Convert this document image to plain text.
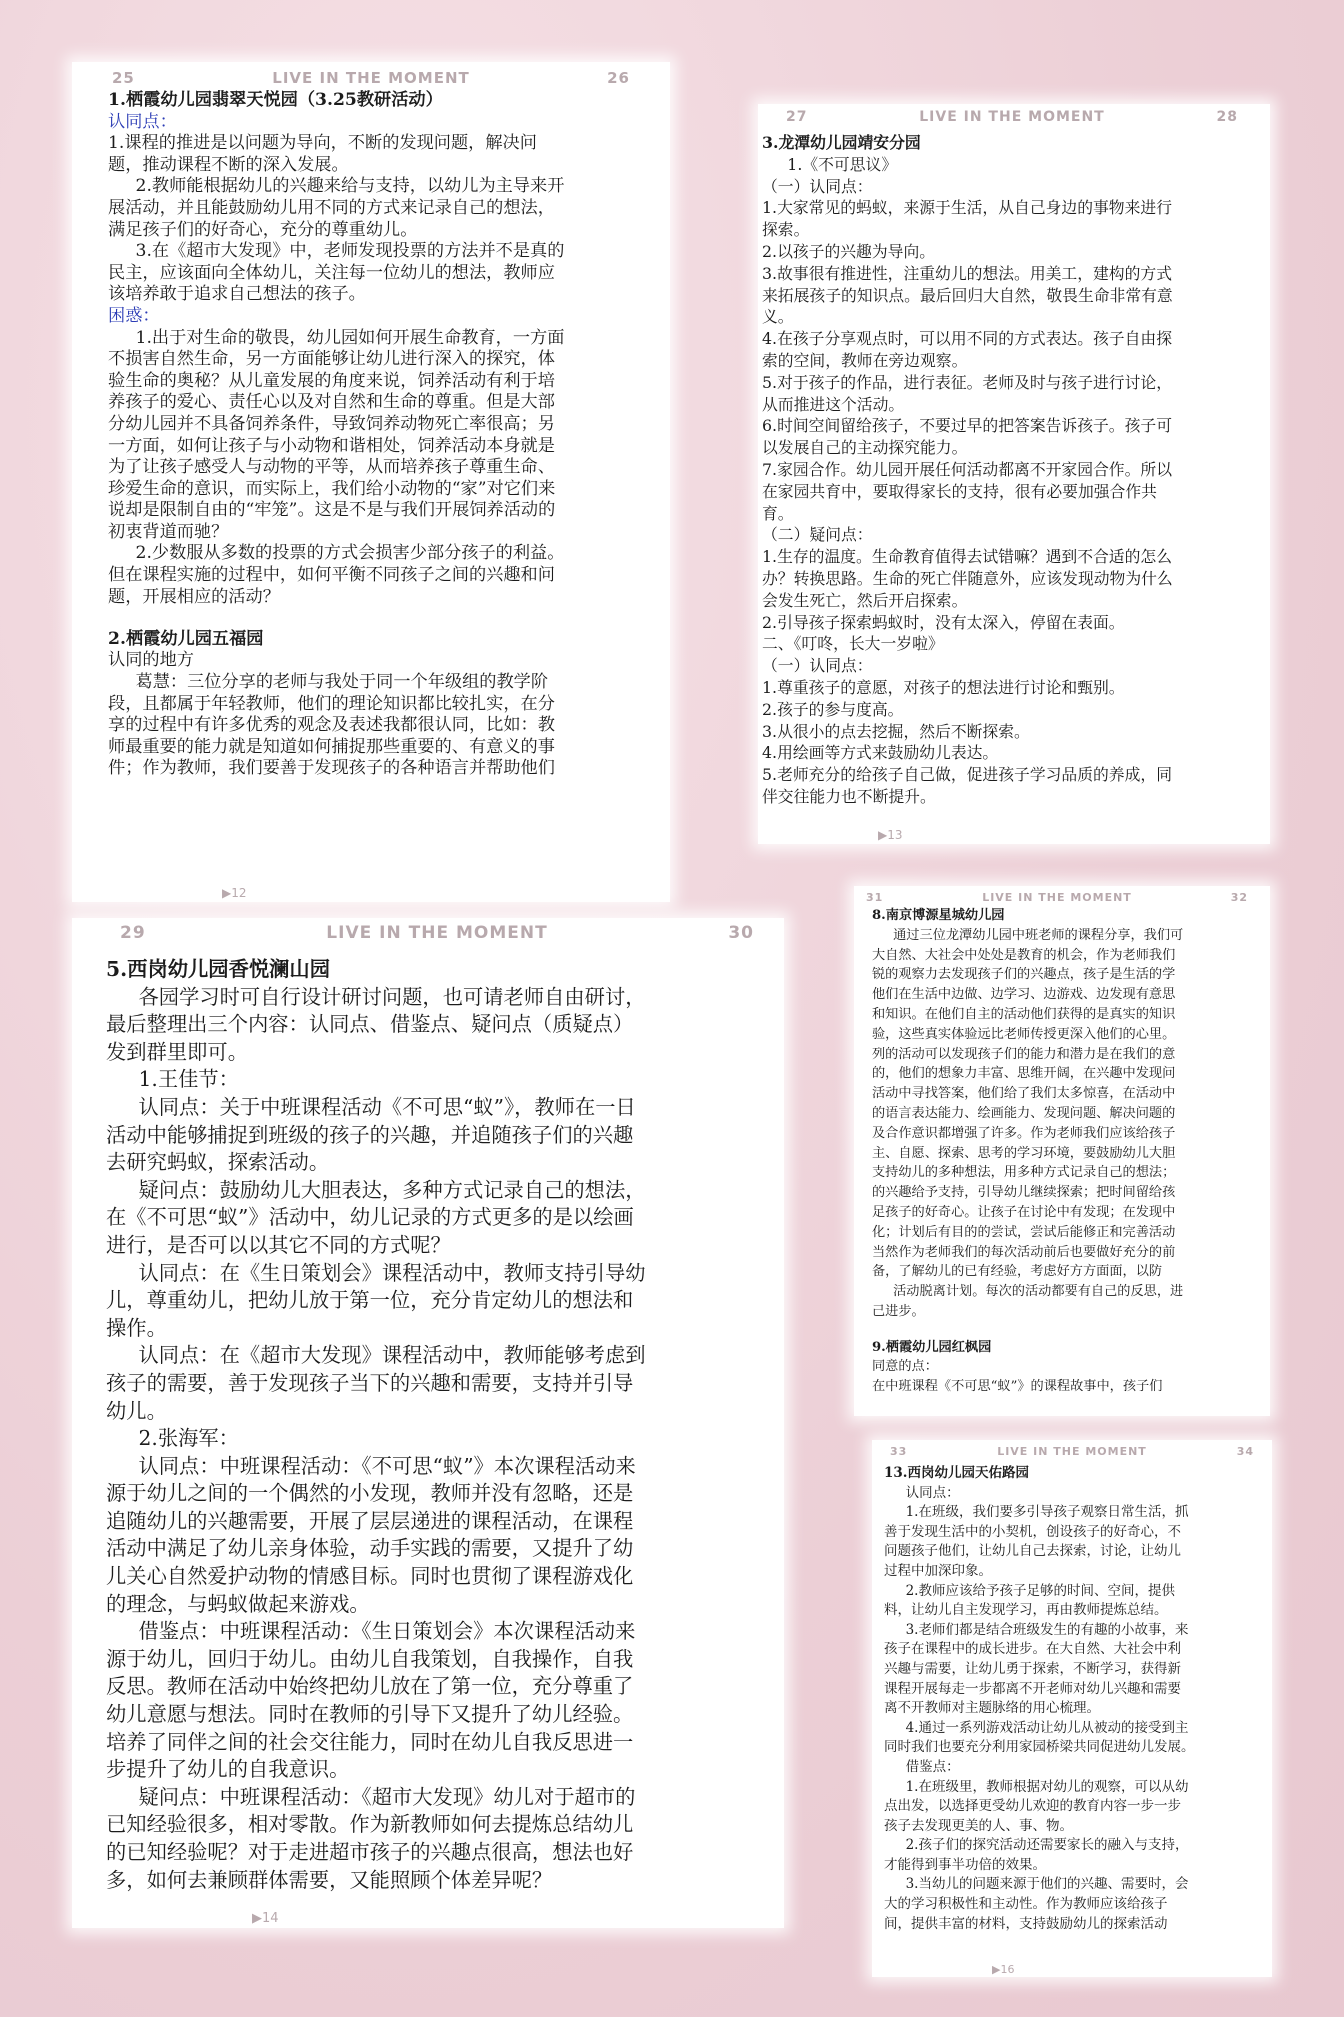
25	LIVE IN THE MOMENT	26

1.栖霞幼儿园翡翠天悦园（3.25教研活动）

认同点：

1.课程的推进是以问题为导向，不断的发现问题，解决问

题，推动课程不断的深入发展。

2.教师能根据幼儿的兴趣来给与支持，以幼儿为主导来开

展活动，并且能鼓励幼儿用不同的方式来记录自己的想法，

满足孩子们的好奇心，充分的尊重幼儿。

3.在《超市大发现》中，老师发现投票的方法并不是真的

民主，应该面向全体幼儿，关注每一位幼儿的想法，教师应

该培养敢于追求自己想法的孩子。

困惑：

1.出于对生命的敬畏，幼儿园如何开展生命教育，一方面

不损害自然生命，另一方面能够让幼儿进行深入的探究，体

验生命的奥秘？从儿童发展的角度来说，饲养活动有利于培

养孩子的爱心、责任心以及对自然和生命的尊重。但是大部

分幼儿园并不具备饲养条件，导致饲养动物死亡率很高；另

一方面，如何让孩子与小动物和谐相处，饲养活动本身就是

为了让孩子感受人与动物的平等，从而培养孩子尊重生命、

珍爱生命的意识，而实际上，我们给小动物的“家”对它们来

说却是限制自由的“牢笼”。这是不是与我们开展饲养活动的

初衷背道而驰？

2.少数服从多数的投票的方式会损害少部分孩子的利益。

但在课程实施的过程中，如何平衡不同孩子之间的兴趣和问

题，开展相应的活动？

2.栖霞幼儿园五福园

认同的地方

葛慧：三位分享的老师与我处于同一个年级组的教学阶

段，且都属于年轻教师，他们的理论知识都比较扎实，在分

享的过程中有许多优秀的观念及表述我都很认同，比如：教

师最重要的能力就是知道如何捕捉那些重要的、有意义的事

件；作为教师，我们要善于发现孩子的各种语言并帮助他们

▶12
27	LIVE IN THE MOMENT	28

3.龙潭幼儿园靖安分园

1.《不可思议》

（一）认同点：

1.大家常见的蚂蚁，来源于生活，从自己身边的事物来进行

探索。

2.以孩子的兴趣为导向。

3.故事很有推进性，注重幼儿的想法。用美工，建构的方式

来拓展孩子的知识点。最后回归大自然，敬畏生命非常有意

义。

4.在孩子分享观点时，可以用不同的方式表达。孩子自由探

索的空间，教师在旁边观察。

5.对于孩子的作品，进行表征。老师及时与孩子进行讨论，

从而推进这个活动。

6.时间空间留给孩子，不要过早的把答案告诉孩子。孩子可

以发展自己的主动探究能力。

7.家园合作。幼儿园开展任何活动都离不开家园合作。所以

在家园共育中，要取得家长的支持，很有必要加强合作共

育。

（二）疑问点：

1.生存的温度。生命教育值得去试错嘛？遇到不合适的怎么

办？转换思路。生命的死亡伴随意外，应该发现动物为什么

会发生死亡，然后开启探索。

2.引导孩子探索蚂蚁时，没有太深入，停留在表面。

二、《叮咚，长大一岁啦》

（一）认同点：

1.尊重孩子的意愿，对孩子的想法进行讨论和甄别。

2.孩子的参与度高。

3.从很小的点去挖掘，然后不断探索。

4.用绘画等方式来鼓励幼儿表达。

5.老师充分的给孩子自己做，促进孩子学习品质的养成，同

伴交往能力也不断提升。

▶13
29	LIVE IN THE MOMENT	30

5.西岗幼儿园香悦澜山园

各园学习时可自行设计研讨问题，也可请老师自由研讨，

最后整理出三个内容：认同点、借鉴点、疑问点（质疑点）

发到群里即可。

1.王佳节：

认同点：关于中班课程活动《不可思“蚁”》，教师在一日

活动中能够捕捉到班级的孩子的兴趣，并追随孩子们的兴趣

去研究蚂蚁，探索活动。

疑问点：鼓励幼儿大胆表达，多种方式记录自己的想法，

在《不可思“蚁”》活动中，幼儿记录的方式更多的是以绘画

进行，是否可以以其它不同的方式呢？

认同点：在《生日策划会》课程活动中，教师支持引导幼

儿，尊重幼儿，把幼儿放于第一位，充分肯定幼儿的想法和

操作。

认同点：在《超市大发现》课程活动中，教师能够考虑到

孩子的需要，善于发现孩子当下的兴趣和需要，支持并引导

幼儿。

2.张海军：

认同点：中班课程活动：《不可思“蚁”》本次课程活动来

源于幼儿之间的一个偶然的小发现，教师并没有忽略，还是

追随幼儿的兴趣需要，开展了层层递进的课程活动，在课程

活动中满足了幼儿亲身体验，动手实践的需要，又提升了幼

儿关心自然爱护动物的情感目标。同时也贯彻了课程游戏化

的理念，与蚂蚁做起来游戏。

借鉴点：中班课程活动：《生日策划会》本次课程活动来

源于幼儿，回归于幼儿。由幼儿自我策划，自我操作，自我

反思。教师在活动中始终把幼儿放在了第一位，充分尊重了

幼儿意愿与想法。同时在教师的引导下又提升了幼儿经验。

培养了同伴之间的社会交往能力，同时在幼儿自我反思进一

步提升了幼儿的自我意识。

疑问点：中班课程活动：《超市大发现》幼儿对于超市的

已知经验很多，相对零散。作为新教师如何去提炼总结幼儿

的已知经验呢？对于走进超市孩子的兴趣点很高，想法也好

多，如何去兼顾群体需要，又能照顾个体差异呢？

▶14
31	LIVE IN THE MOMENT	32

8.南京博源星城幼儿园

通过三位龙潭幼儿园中班老师的课程分享，我们可

大自然、大社会中处处是教育的机会，作为老师我们

锐的观察力去发现孩子们的兴趣点，孩子是生活的学

他们在生活中边做、边学习、边游戏、边发现有意思

和知识。在他们自主的活动他们获得的是真实的知识

验，这些真实体验远比老师传授更深入他们的心里。

列的活动可以发现孩子们的能力和潜力是在我们的意

的，他们的想象力丰富、思维开阔，在兴趣中发现问

活动中寻找答案，他们给了我们太多惊喜，在活动中

的语言表达能力、绘画能力、发现问题、解决问题的

及合作意识都增强了许多。作为老师我们应该给孩子

主、自愿、探索、思考的学习环境，要鼓励幼儿大胆

支持幼儿的多种想法，用多种方式记录自己的想法；

的兴趣给予支持，引导幼儿继续探索；把时间留给孩

足孩子的好奇心。让孩子在讨论中有发现；在发现中

化；计划后有目的的尝试，尝试后能修正和完善活动

当然作为老师我们的每次活动前后也要做好充分的前

备，了解幼儿的已有经验，考虑好方方面面，以防

活动脱离计划。每次的活动都要有自己的反思，进

己进步。

9.栖霞幼儿园红枫园

同意的点：

在中班课程《不可思“蚁”》的课程故事中，孩子们

33	LIVE IN THE MOMENT	34

13.西岗幼儿园天佑路园

认同点：

1.在班级，我们要多引导孩子观察日常生活，抓

善于发现生活中的小契机，创设孩子的好奇心，不

问题孩子他们，让幼儿自己去探索，讨论，让幼儿

过程中加深印象。

2.教师应该给予孩子足够的时间、空间，提供

料，让幼儿自主发现学习，再由教师提炼总结。

3.老师们都是结合班级发生的有趣的小故事，来

孩子在课程中的成长进步。在大自然、大社会中利

兴趣与需要，让幼儿勇于探索，不断学习，获得新

课程开展每走一步都离不开老师对幼儿兴趣和需要

离不开教师对主题脉络的用心梳理。

4.通过一系列游戏活动让幼儿从被动的接受到主

同时我们也要充分利用家园桥梁共同促进幼儿发展。

借鉴点：

1.在班级里，教师根据对幼儿的观察，可以从幼

点出发，以选择更受幼儿欢迎的教育内容一步一步

孩子去发现更美的人、事、物。

2.孩子们的探究活动还需要家长的融入与支持，

才能得到事半功倍的效果。

3.当幼儿的问题来源于他们的兴趣、需要时，会

大的学习积极性和主动性。作为教师应该给孩子

间，提供丰富的材料，支持鼓励幼儿的探索活动

▶16
